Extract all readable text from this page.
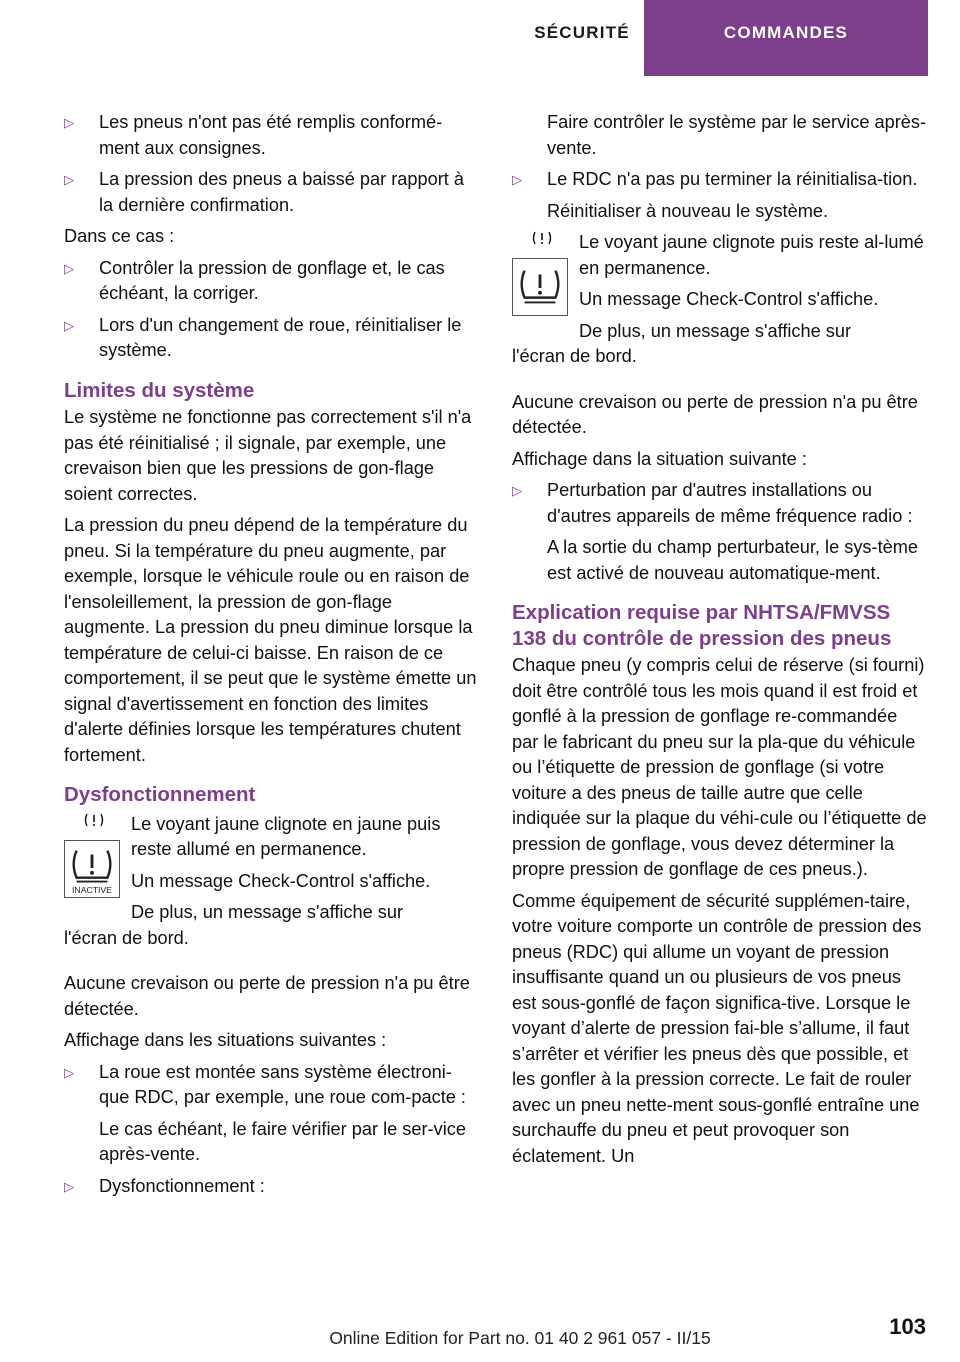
SÉCURITÉ	COMMANDES
▷	Les pneus n'ont pas été remplis conformé-ment aux consignes.

▷	La pression des pneus a baissé par rapport à la dernière confirmation.

Dans ce cas :

▷	Contrôler la pression de gonflage et, le cas échéant, la corriger.

▷	Lors d'un changement de roue, réinitialiser le système.

Limites du système

Le système ne fonctionne pas correctement s'il n'a pas été réinitialisé ; il signale, par exemple, une crevaison bien que les pressions de gon-flage soient correctes.

La pression du pneu dépend de la température du pneu. Si la température du pneu augmente, par exemple, lorsque le véhicule roule ou en raison de l'ensoleillement, la pression de gon-flage augmente. La pression du pneu diminue lorsque la température de celui-ci baisse. En raison de ce comportement, il se peut que le système émette un signal d'avertissement en fonction des limites d'alerte définies lorsque les températures chutent fortement.

Dysfonctionnement
INACTIVE

Le voyant jaune clignote en jaune puis reste allumé en permanence.

Un message Check-Control s'affiche.

De plus, un message s'affiche sur

l'écran de bord.

Aucune crevaison ou perte de pression n'a pu être détectée.

Affichage dans les situations suivantes :

▷	La roue est montée sans système électroni-que RDC, par exemple, une roue com-pacte :

Le cas échéant, le faire vérifier par le ser-vice après-vente.

▷	Dysfonctionnement :

Faire contrôler le système par le service après-vente.

▷	Le RDC n'a pas pu terminer la réinitialisa-tion.

Réinitialiser à nouveau le système.

Le voyant jaune clignote puis reste al-lumé en permanence.

Un message Check-Control s'affiche.

De plus, un message s'affiche sur

l'écran de bord.

Aucune crevaison ou perte de pression n'a pu être détectée.

Affichage dans la situation suivante :

▷	Perturbation par d'autres installations ou d'autres appareils de même fréquence radio :

A la sortie du champ perturbateur, le sys-tème est activé de nouveau automatique-ment.

Explication requise par NHTSA/FMVSS 138 du contrôle de pression des pneus

Chaque pneu (y compris celui de réserve (si fourni) doit être contrôlé tous les mois quand il est froid et gonflé à la pression de gonflage re-commandée par le fabricant du pneu sur la pla-que du véhicule ou l’étiquette de pression de gonflage (si votre voiture a des pneus de taille autre que celle indiquée sur la plaque du véhi-cule ou l’étiquette de pression de gonflage, vous devez déterminer la propre pression de gonflage de ces pneus.).

Comme équipement de sécurité supplémen-taire, votre voiture comporte un contrôle de pression des pneus (RDC) qui allume un voyant de pression insuffisante quand un ou plusieurs de vos pneus est sous-gonflé de façon significa-tive. Lorsque le voyant d’alerte de pression fai-ble s’allume, il faut s’arrêter et vérifier les pneus dès que possible, et les gonfler à la pression correcte. Le fait de rouler avec un pneu nette-ment sous-gonflé entraîne une surchauffe du pneu et peut provoquer son éclatement. Un

103
Online Edition for Part no. 01 40 2 961 057 - II/15
